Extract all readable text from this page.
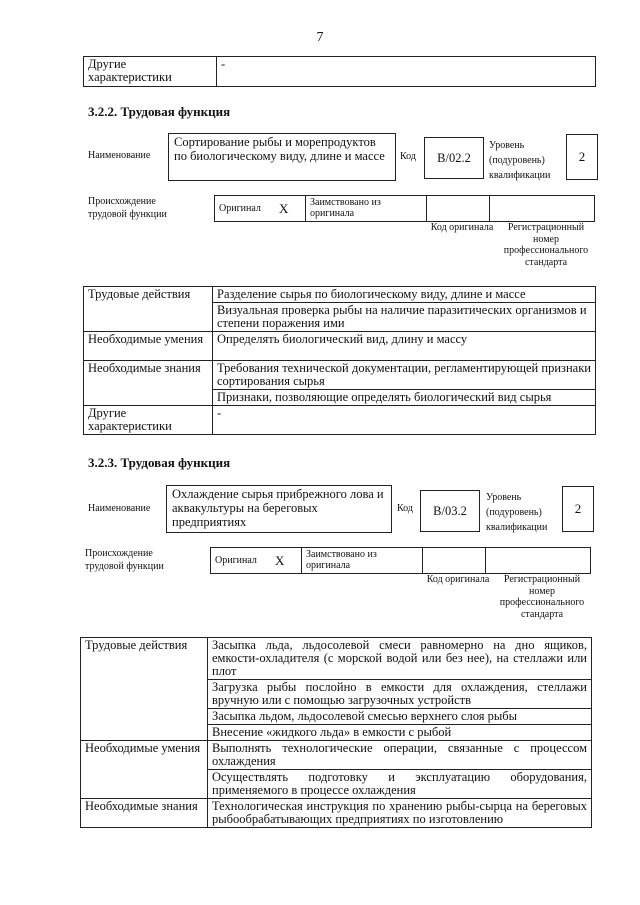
7
Другие характеристики	-
3.2.2. Трудовая функция
Наименование
Сортирование рыбы и морепродуктов по биологическому виду, длине и массе	Код	B/02.2
Уровень (подуровень) квалификации
2
Происхождение трудовой функции
Оригинал	X	Заимствовано из оригинала		
Код оригинала	Регистрационный номер профессионального стандарта
Трудовые действия	Разделение сырья по биологическому виду, длине и массе
	Визуальная проверка рыбы на наличие паразитических организмов и степени поражения ими
Необходимые умения	Определять биологический вид, длину и массу
Необходимые знания	Требования технической документации, регламентирующей признаки сортирования сырья
	Признаки, позволяющие определять биологический вид сырья
Другие характеристики	-
3.2.3. Трудовая функция
Наименование
Охлаждение сырья прибрежного лова и аквакультуры на береговых предприятиях
Код	B/03.2
Уровень (подуровень) квалификации
2
Происхождение трудовой функции
Оригинал	X	Заимствовано из оригинала		
Код оригинала	Регистрационный номер профессионального стандарта
Трудовые действия	Засыпка льда, льдосолевой смеси равномерно на дно ящиков, емкости-охладителя (с морской водой или без нее), на стеллажи или плот
	Загрузка рыбы послойно в емкости для охлаждения, стеллажи вручную или с помощью загрузочных устройств
	Засыпка льдом, льдосолевой смесью верхнего слоя рыбы
	Внесение «жидкого льда» в емкости с рыбой
Необходимые умения	Выполнять технологические операции, связанные с процессом охлаждения
	Осуществлять подготовку и эксплуатацию оборудования, применяемого в процессе охлаждения
Необходимые знания	Технологическая инструкция по хранению рыбы-сырца на береговых рыбообрабатывающих предприятиях по изготовлению
